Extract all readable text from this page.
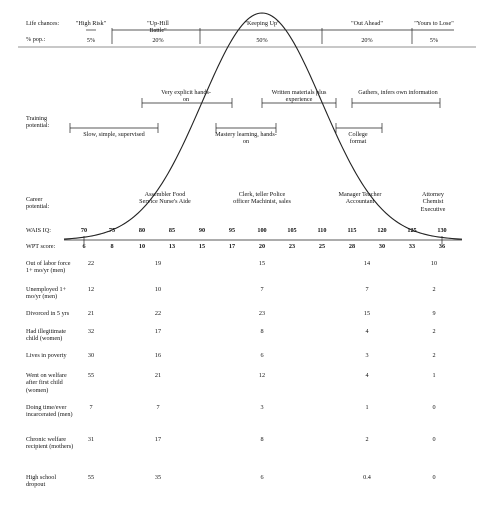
Life chances:
% pop.:
"High Risk"	"Up-Hill Battle"
"Keeping Up"	"Out Ahead"	"Yours to Lose"
5%	20%	50%	20%	5%
Training potential:
Very explicit hands-on
Written materials plus experience
Gathers, infers own information
Slow, simple, supervised	Mastery learning, hands-on
College format
Career potential:
Assembler Food Service Nurse's Aide
Clerk, teller Police officer Machinist, sales
Manager Teacher Accountant
Attorney Chemist Executive
WAIS IQ:
WPT score:
70	75	80	85	90	95	100	105	110	115	120	125	130
6	8	10	13	15	17	20	23	25	28	30	33	36
Out of labor force 1+ mo/yr (men)
22	19	15	14	10
Unemployed 1+ mo/yr (men)
12	10	7	7	2
Divorced in 5 yrs	21	22	23	15	9
Had illegitimate child (women)
32	17	8	4	2
Lives in poverty	30	16	6	3	2
Went on welfare after first child (women)
55	21	12	4	1
Doing time/ever incarcerated (men)
7	7	3	1	0
Chronic welfare recipient (mothers)
31	17	8	2	0
High school dropout
55	35	6	0.4	0
